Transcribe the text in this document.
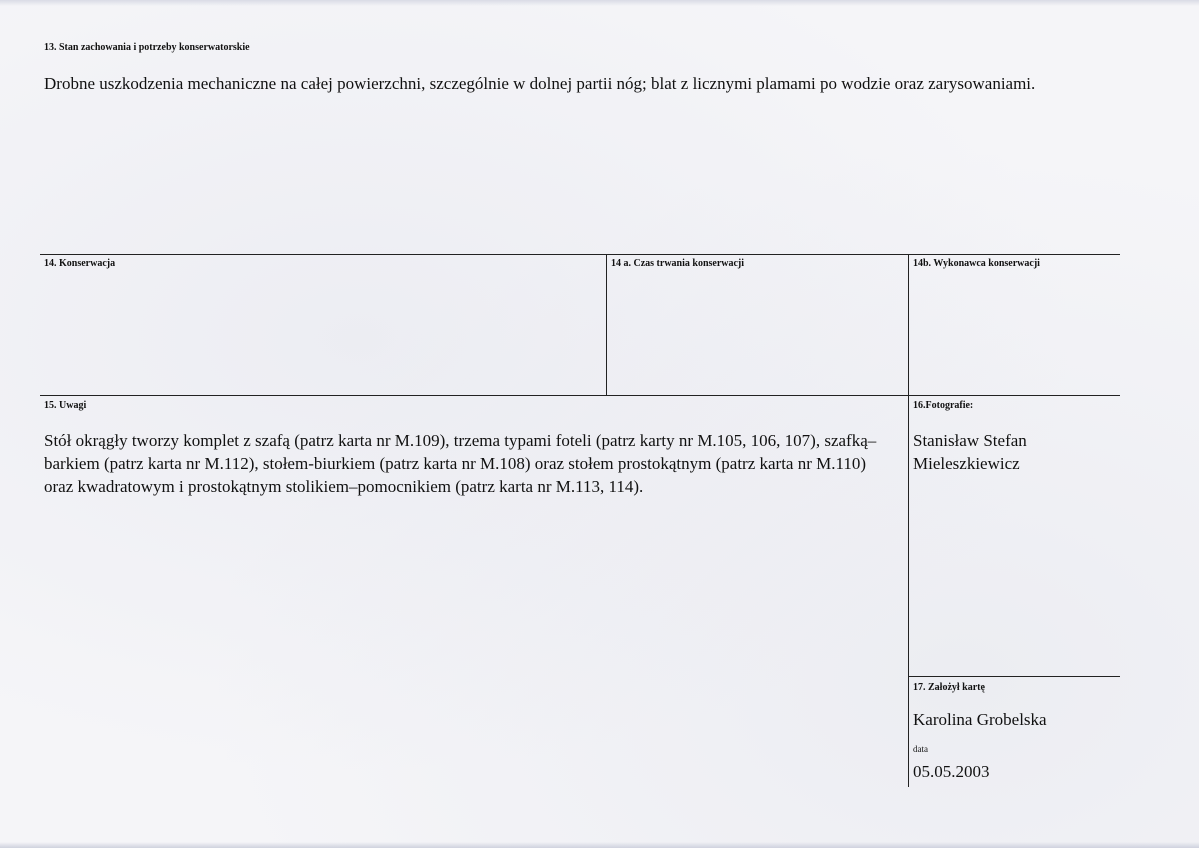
13. Stan zachowania i potrzeby konserwatorskie
Drobne uszkodzenia mechaniczne na całej powierzchni, szczególnie w dolnej partii nóg; blat z licznymi plamami po wodzie oraz zarysowaniami.
14. Konserwacja	14 a. Czas trwania konserwacji	14b. Wykonawca konserwacji
15. Uwagi
Stół okrągły tworzy komplet z szafą (patrz karta nr M.109), trzema typami foteli (patrz karty nr M.105, 106, 107), szafką–barkiem (patrz karta nr M.112), stołem-biurkiem (patrz karta nr M.108) oraz stołem prostokątnym (patrz karta nr M.110) oraz kwadratowym i prostokątnym stolikiem–pomocnikiem (patrz karta nr M.113, 114).
16.Fotografie:
Stanisław Stefan Mieleszkiewicz
17. Założył kartę
Karolina Grobelska
data
05.05.2003
